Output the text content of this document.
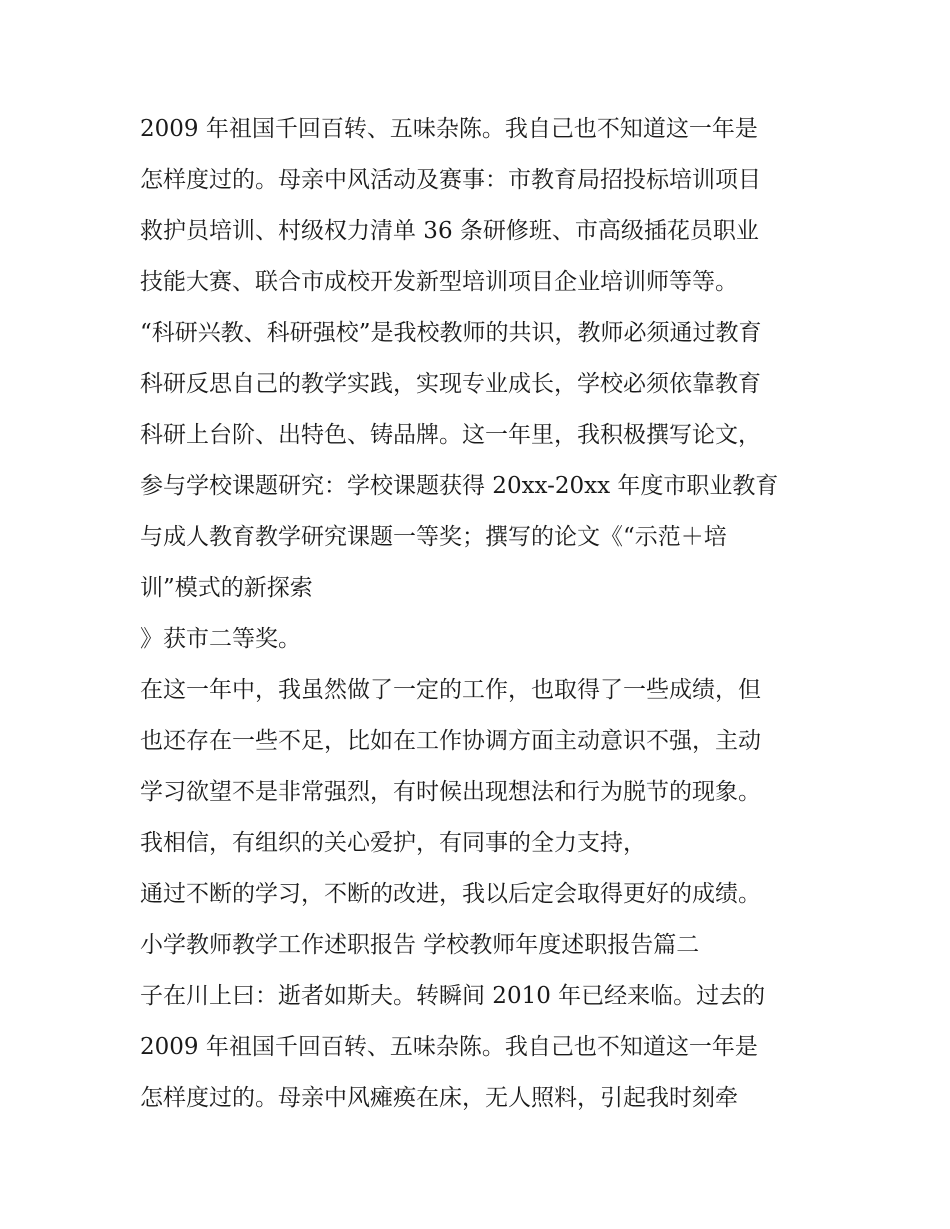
2009 年祖国千回百转、五味杂陈。我自己也不知道这一年是
怎样度过的。母亲中风活动及赛事：市教育局招投标培训项目
救护员培训、村级权力清单 36 条研修班、市高级插花员职业
技能大赛、联合市成校开发新型培训项目企业培训师等等。
“科研兴教、科研强校”是我校教师的共识，教师必须通过教育
科研反思自己的教学实践，实现专业成长，学校必须依靠教育
科研上台阶、出特色、铸品牌。这一年里，我积极撰写论文，
参与学校课题研究：学校课题获得 20xx-20xx 年度市职业教育
与成人教育教学研究课题一等奖；撰写的论文《“示范＋培
训”模式的新探索
》获市二等奖。
在这一年中，我虽然做了一定的工作，也取得了一些成绩，但
也还存在一些不足，比如在工作协调方面主动意识不强，主动
学习欲望不是非常强烈，有时候出现想法和行为脱节的现象。
我相信，有组织的关心爱护，有同事的全力支持，
通过不断的学习，不断的改进，我以后定会取得更好的成绩。
小学教师教学工作述职报告 学校教师年度述职报告篇二
子在川上曰：逝者如斯夫。转瞬间 2010 年已经来临。过去的
2009 年祖国千回百转、五味杂陈。我自己也不知道这一年是
怎样度过的。母亲中风瘫痪在床，无人照料，引起我时刻牵
